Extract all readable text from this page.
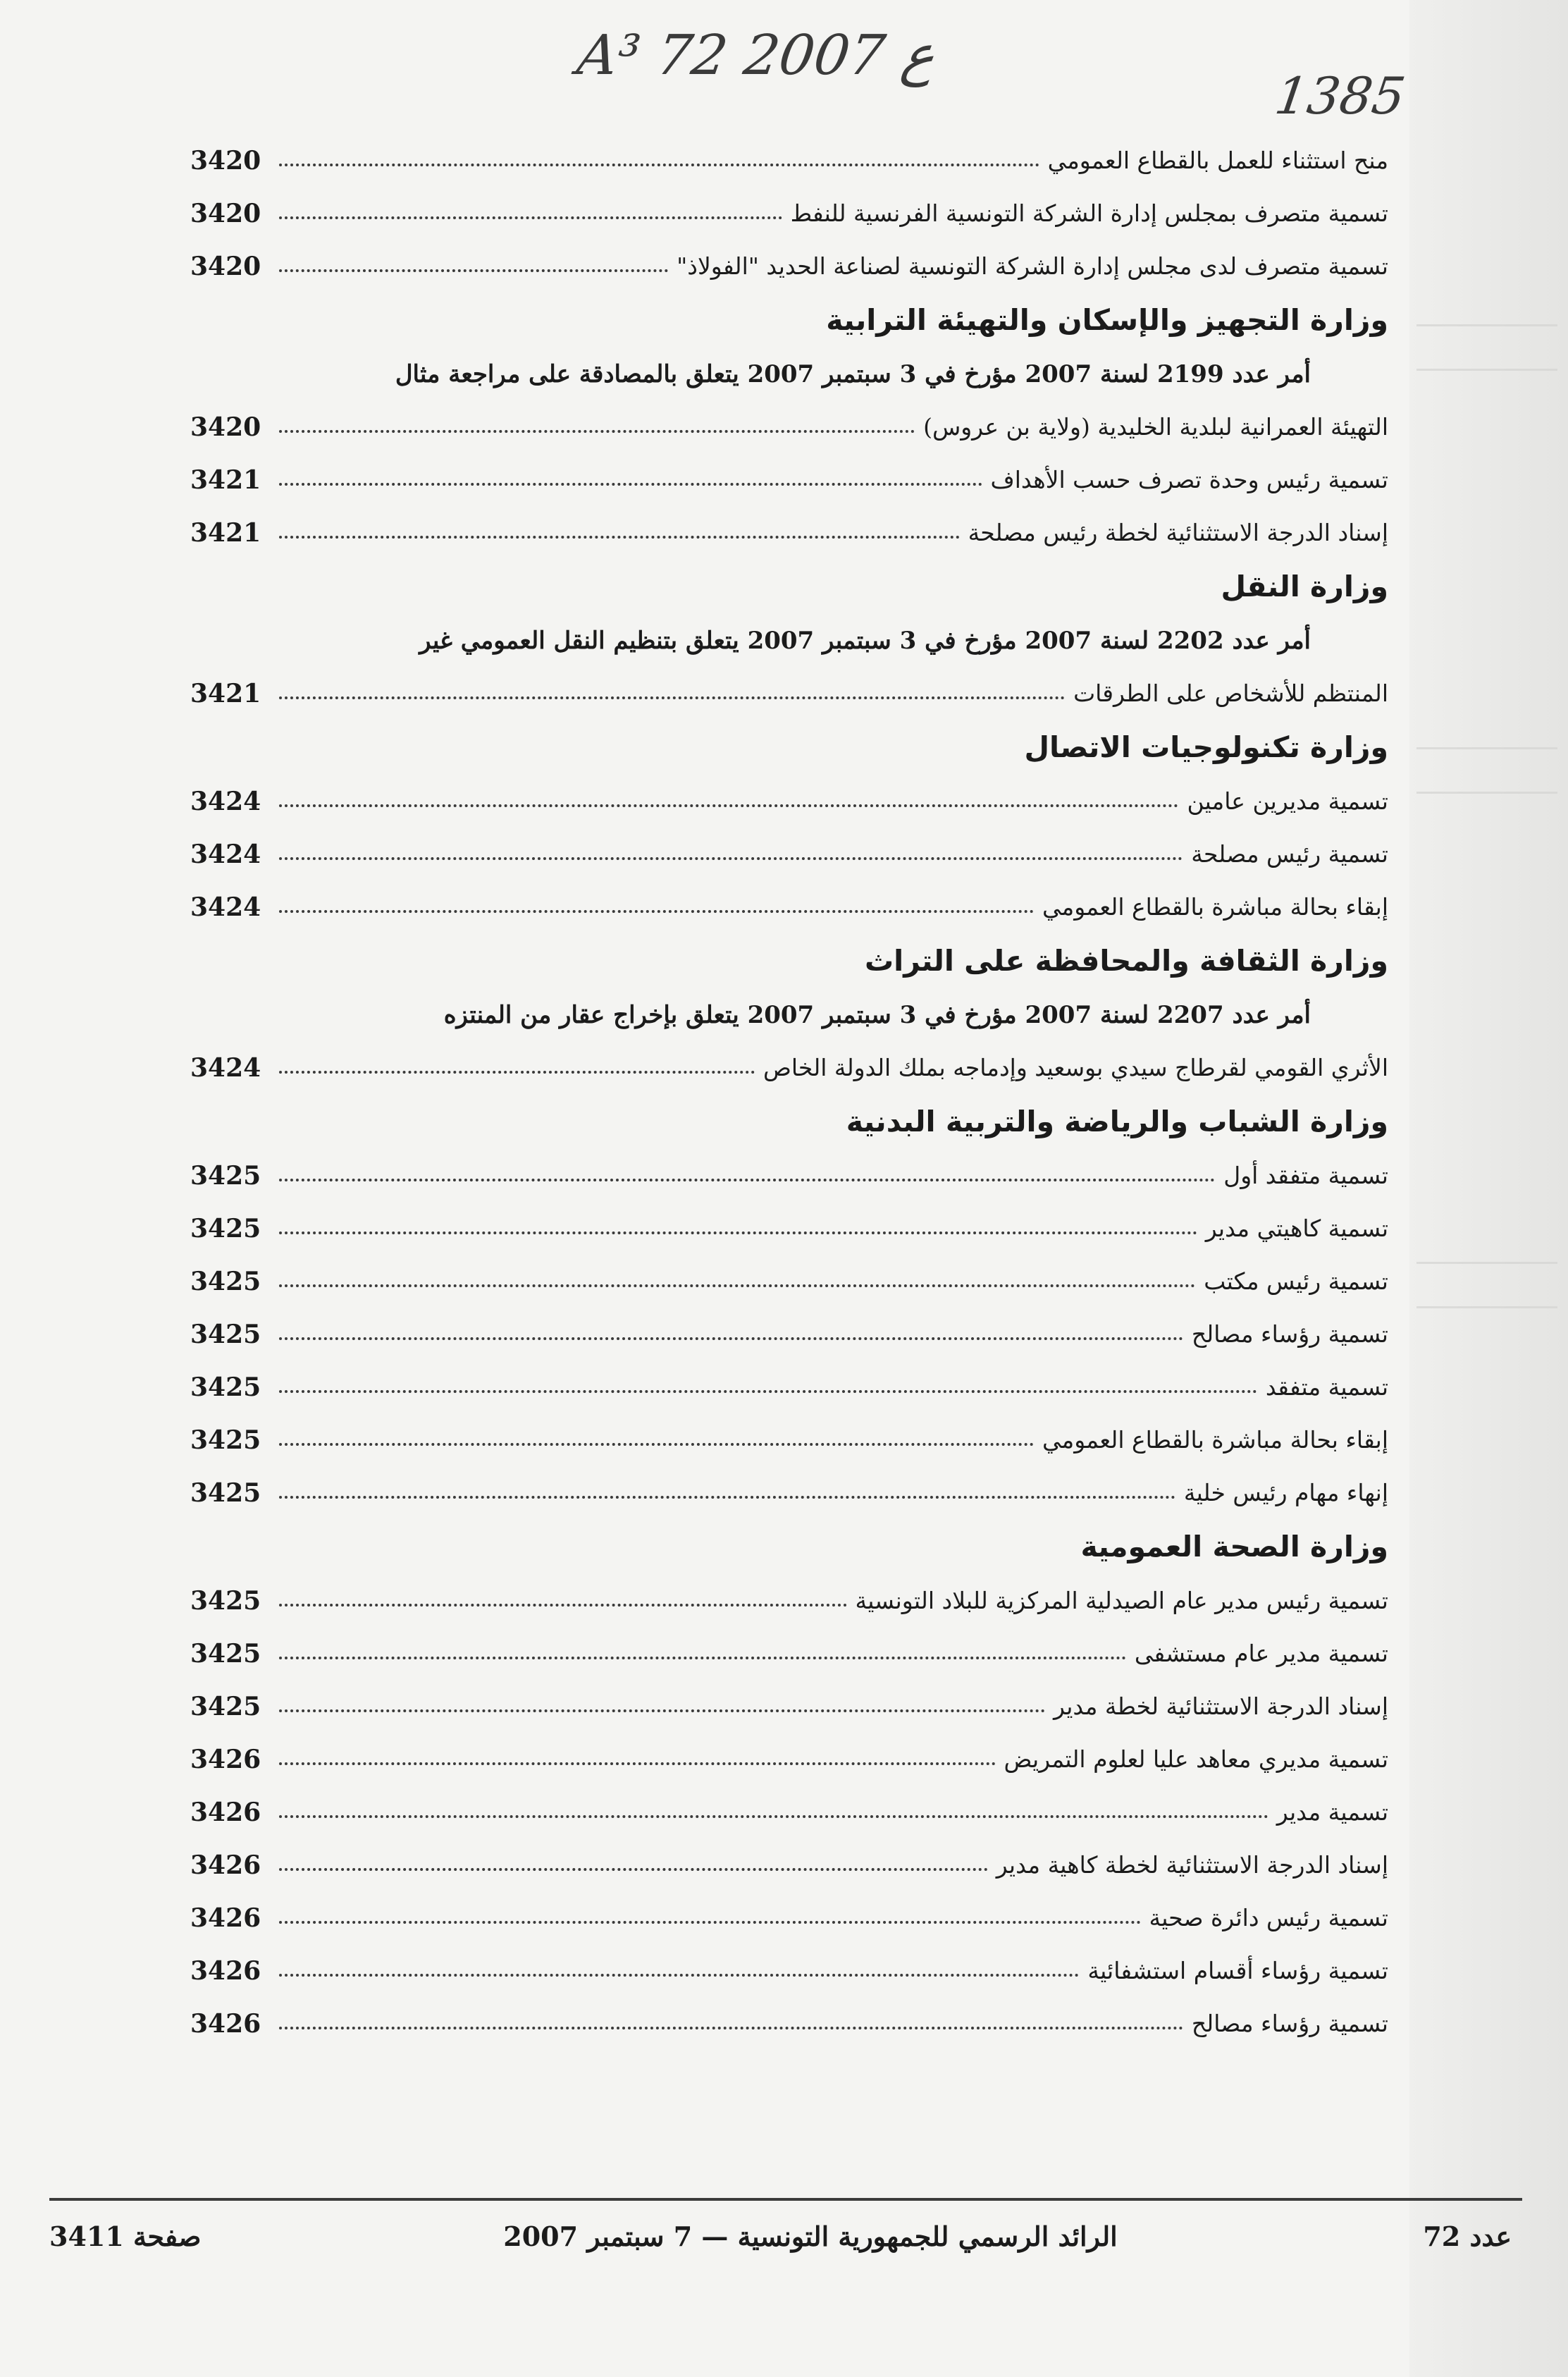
A³ 72 ع 2007
1385
منح استثناء للعمل بالقطاع العمومي
3420
تسمية متصرف بمجلس إدارة الشركة التونسية الفرنسية للنفط
3420
تسمية متصرف لدى مجلس إدارة الشركة التونسية لصناعة الحديد "الفولاذ"
3420
وزارة التجهيز والإسكان والتهيئة الترابية
أمر عدد 2199 لسنة 2007 مؤرخ في 3 سبتمبر 2007 يتعلق بالمصادقة على مراجعة مثال
التهيئة العمرانية لبلدية الخليدية (ولاية بن عروس)
3420
تسمية رئيس وحدة تصرف حسب الأهداف
3421
إسناد الدرجة الاستثنائية لخطة رئيس مصلحة
3421
وزارة النقل
أمر عدد 2202 لسنة 2007 مؤرخ في 3 سبتمبر 2007 يتعلق بتنظيم النقل العمومي غير
المنتظم للأشخاص على الطرقات
3421
وزارة تكنولوجيات الاتصال
تسمية مديرين عامين
3424
تسمية رئيس مصلحة
3424
إبقاء بحالة مباشرة بالقطاع العمومي
3424
وزارة الثقافة والمحافظة على التراث
أمر عدد 2207 لسنة 2007 مؤرخ في 3 سبتمبر 2007 يتعلق بإخراج عقار من المنتزه
الأثري القومي لقرطاج سيدي بوسعيد وإدماجه بملك الدولة الخاص
3424
وزارة الشباب والرياضة والتربية البدنية
تسمية متفقد أول
3425
تسمية كاهيتي مدير
3425
تسمية رئيس مكتب
3425
تسمية رؤساء مصالح
3425
تسمية متفقد
3425
إبقاء بحالة مباشرة بالقطاع العمومي
3425
إنهاء مهام رئيس خلية
3425
وزارة الصحة العمومية
تسمية رئيس مدير عام الصيدلية المركزية للبلاد التونسية
3425
تسمية مدير عام مستشفى
3425
إسناد الدرجة الاستثنائية لخطة مدير
3425
تسمية مديري معاهد عليا لعلوم التمريض
3426
تسمية مدير
3426
إسناد الدرجة الاستثنائية لخطة كاهية مدير
3426
تسمية رئيس دائرة صحية
3426
تسمية رؤساء أقسام استشفائية
3426
تسمية رؤساء مصالح
3426
عدد 72
الرائد الرسمي للجمهورية التونسية — 7 سبتمبر 2007
صفحة 3411
